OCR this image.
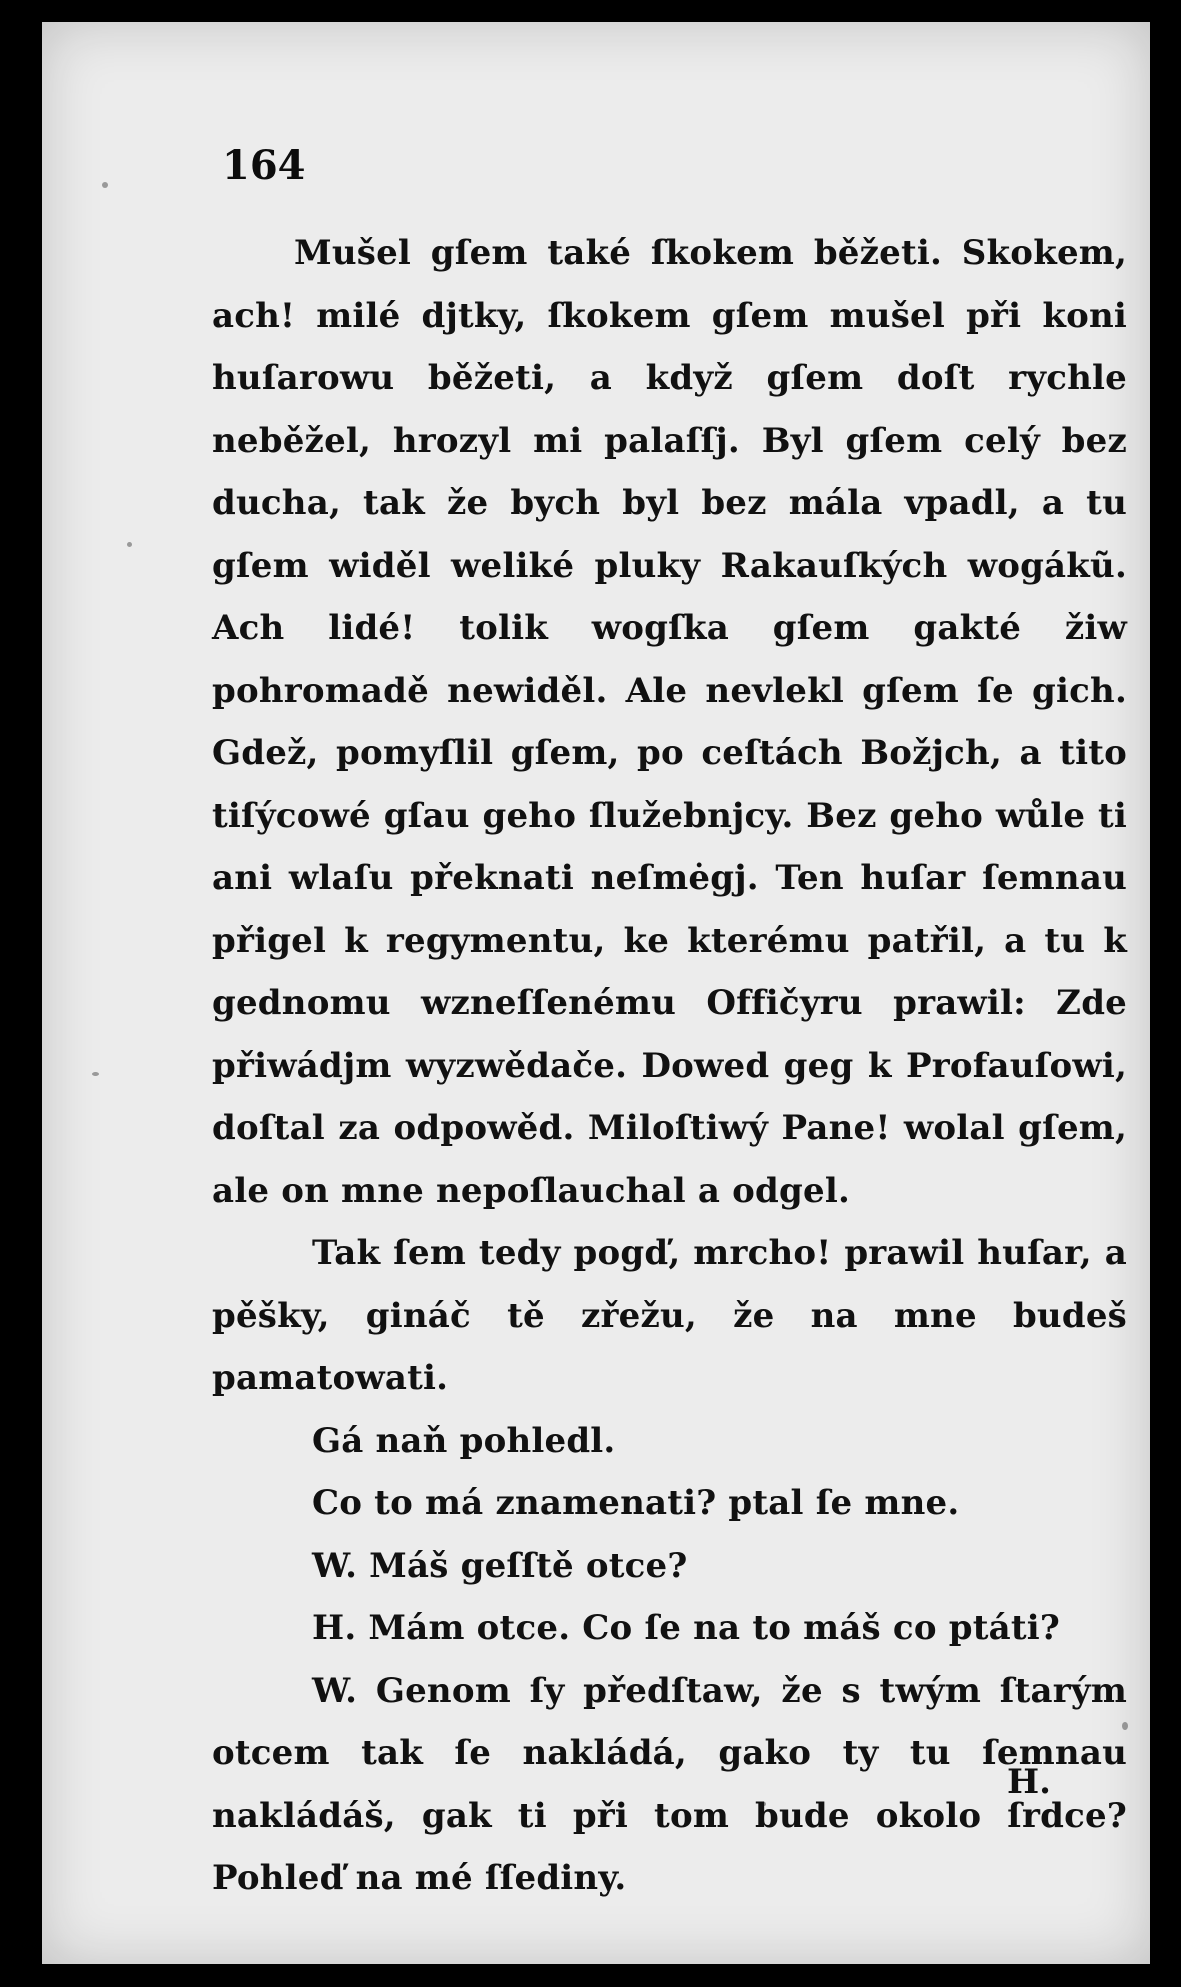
164

Mušel gſem také ſkokem běžeti. Skokem, ach! milé djtky, ſkokem gſem mušel při koni huſarowu běžeti, a když gſem doſt rychle neběžel, hrozyl mi palaſſj. Byl gſem celý bez ducha, tak že bych byl bez mála vpadl, a tu gſem widěl weliké pluky Rakauſkých wogákũ. Ach lidé! tolik wogſka gſem gakté žiw pohromadě newiděl. Ale nevlekl gſem ſe gich. Gdež, pomyſlil gſem, po ceſtách Božjch, a tito tiſýcowé gſau geho ſlužebnjcy. Bez geho wůle ti ani wlaſu překnati neſmėgj. Ten huſar ſemnau přigel k regymentu, ke kterému patřil, a tu k gednomu wzneſſenému Offičyru prawil: Zde přiwádjm wyzwědače. Dowed geg k Profauſowi, doſtal za odpowěd. Miloſtiwý Pane! wolal gſem, ale on mne nepoſlauchal a odgel.

Tak ſem tedy pogď, mrcho! prawil huſar, a pěšky, gináč tě zřežu, že na mne budeš pamatowati.

Gá naň pohledl.

Co to má znamenati? ptal ſe mne.

W. Máš geſſtě otce?

H. Mám otce. Co ſe na to máš co ptáti?

W. Genom ſy předſtaw, že s twým ſtarým otcem tak ſe nakládá, gako ty tu ſemnau nakládáš, gak ti při tom bude okolo ſrdce? Pohleď na mé ſſediny.

H.
